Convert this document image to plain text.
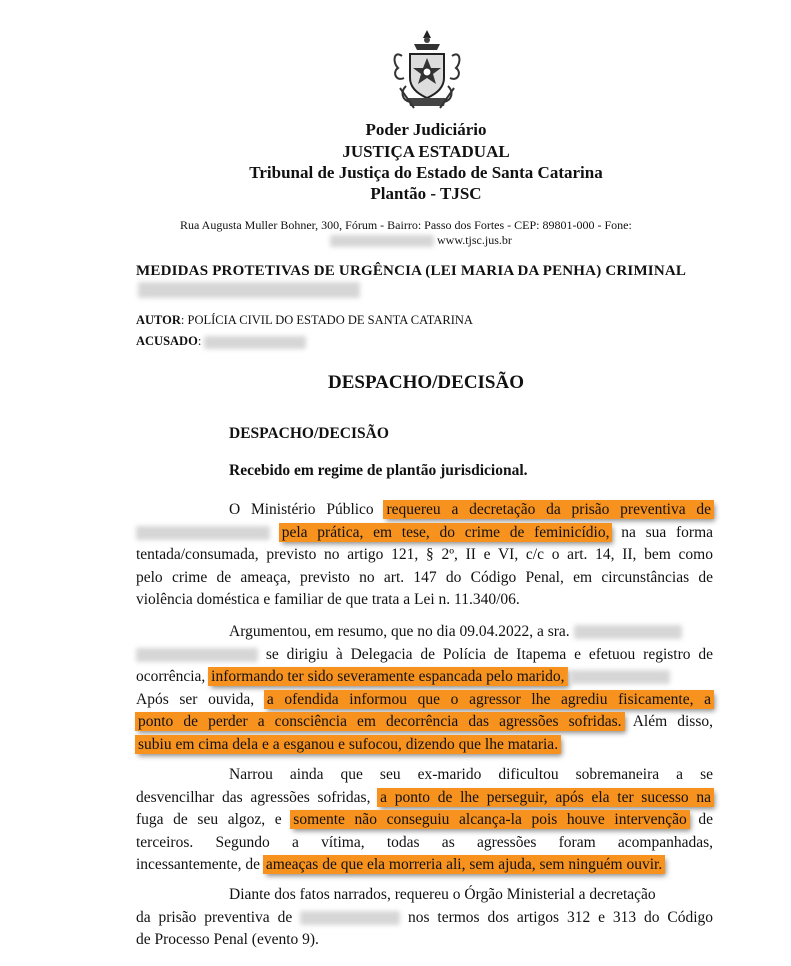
Poder Judiciário
JUSTIÇA ESTADUAL
Tribunal de Justiça do Estado de Santa Catarina
Plantão - TJSC
Rua Augusta Muller Bohner, 300, Fórum - Bairro: Passo dos Fortes - CEP: 89801-000 - Fone:
www.tjsc.jus.br
MEDIDAS PROTETIVAS DE URGÊNCIA (LEI MARIA DA PENHA) CRIMINAL
AUTOR: POLÍCIA CIVIL DO ESTADO DE SANTA CATARINA
ACUSADO:
DESPACHO/DECISÃO
DESPACHO/DECISÃO
Recebido em regime de plantão jurisdicional.
O Ministério Público requereu a decretação da prisão preventiva de
pela prática, em tese, do crime de feminicídio, na sua forma
tentada/consumada, previsto no artigo 121, § 2º, II e VI, c/c o art. 14, II, bem como
pelo crime de ameaça, previsto no art. 147 do Código Penal, em circunstâncias de
violência doméstica e familiar de que trata a Lei n. 11.340/06.
Argumentou, em resumo, que no dia 09.04.2022, a sra.
se dirigiu à Delegacia de Polícia de Itapema e efetuou registro de
ocorrência, informando ter sido severamente espancada pelo marido,
Após ser ouvida, a ofendida informou que o agressor lhe agrediu fisicamente, a
ponto de perder a consciência em decorrência das agressões sofridas. Além disso,
subiu em cima dela e a esganou e sufocou, dizendo que lhe mataria.
Narrou ainda que seu ex-marido dificultou sobremaneira a se
desvencilhar das agressões sofridas, a ponto de lhe perseguir, após ela ter sucesso na
fuga de seu algoz, e somente não conseguiu alcança-la pois houve intervenção de
terceiros. Segundo a vítima, todas as agressões foram acompanhadas,
incessantemente, de ameaças de que ela morreria ali, sem ajuda, sem ninguém ouvir.
Diante dos fatos narrados, requereu o Órgão Ministerial a decretação
da prisão preventiva de	nos termos dos artigos 312 e 313 do Código
de Processo Penal (evento 9).
